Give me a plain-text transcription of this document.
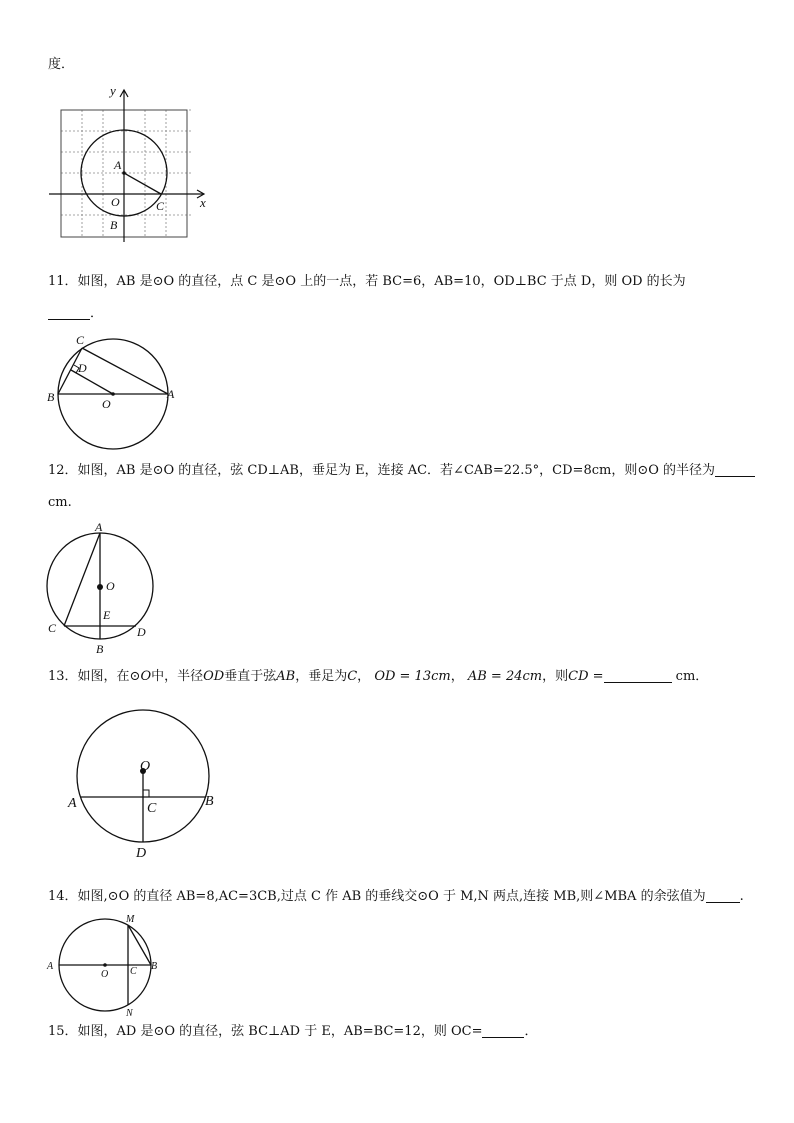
度．
y
x
A
O	C
B
11．如图，AB 是⊙O 的直径，点 C 是⊙O 上的一点，若 BC=6，AB=10，OD⊥BC 于点 D，则 OD 的长为
．
C
D
B	O
A
12．如图，AB 是⊙O 的直径，弦 CD⊥AB，垂足为 E，连接 AC．若∠CAB=22.5°，CD=8cm，则⊙O 的半径为
cm.
A
O
E
C	D
B
13．如图，在⊙O中，半径OD垂直于弦AB，垂足为C， OD = 13cm， AB = 24cm，则CD =	cm．
O
A	B
C
D
14．如图,⊙O 的直径 AB=8,AC=3CB,过点 C 作 AB 的垂线交⊙O 于 M,N 两点,连接 MB,则∠MBA 的余弦值为	.
M
A
O C B
N
15．如图，AD 是⊙O 的直径，弦 BC⊥AD 于 E，AB=BC=12，则 OC=	．
